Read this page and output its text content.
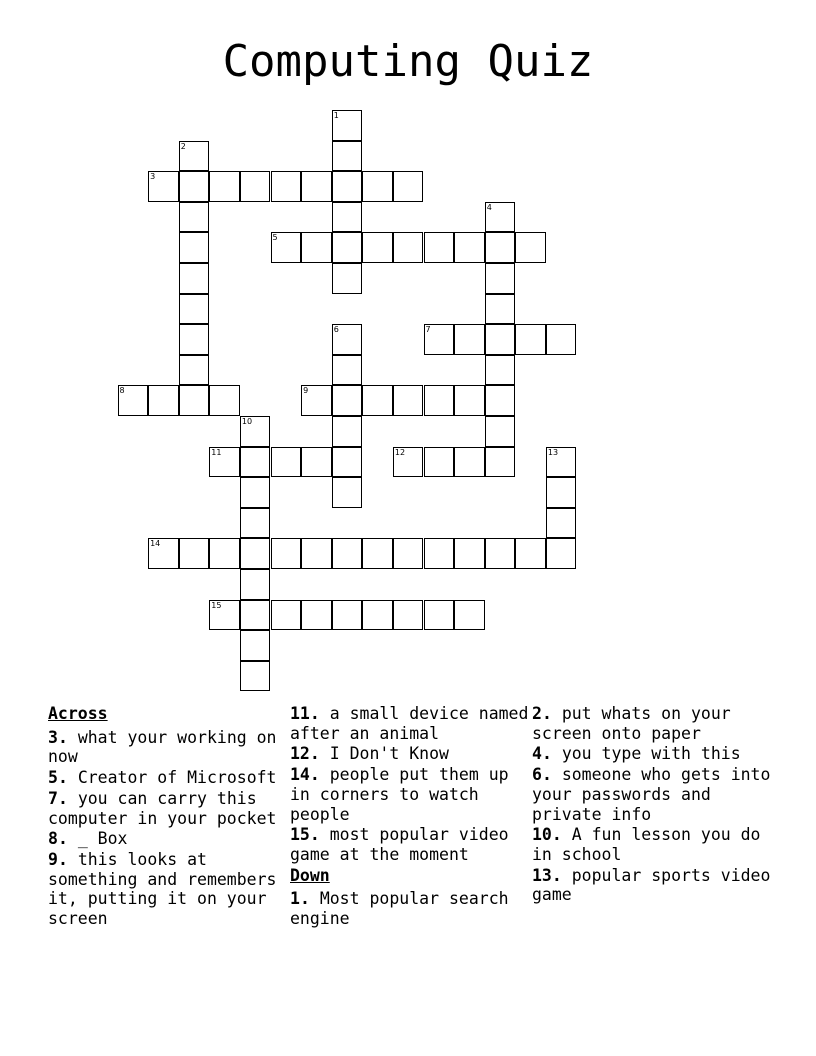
Computing Quiz
1
2
3
4
5
6	7
8	9
10
11	12	13
14
15
Across
3. what your working on now
5. Creator of Microsoft
7. you can carry this computer in your pocket
8. _ Box
9. this looks at something and remembers it, putting it on your screen
11. a small device named after an animal
12. I Don't Know
14. people put them up in corners to watch people
15. most popular video game at the moment
Down
1. Most popular search engine
2. put whats on your screen onto paper
4. you type with this
6. someone who gets into your passwords and private info
10. A fun lesson you do in school
13. popular sports video game
